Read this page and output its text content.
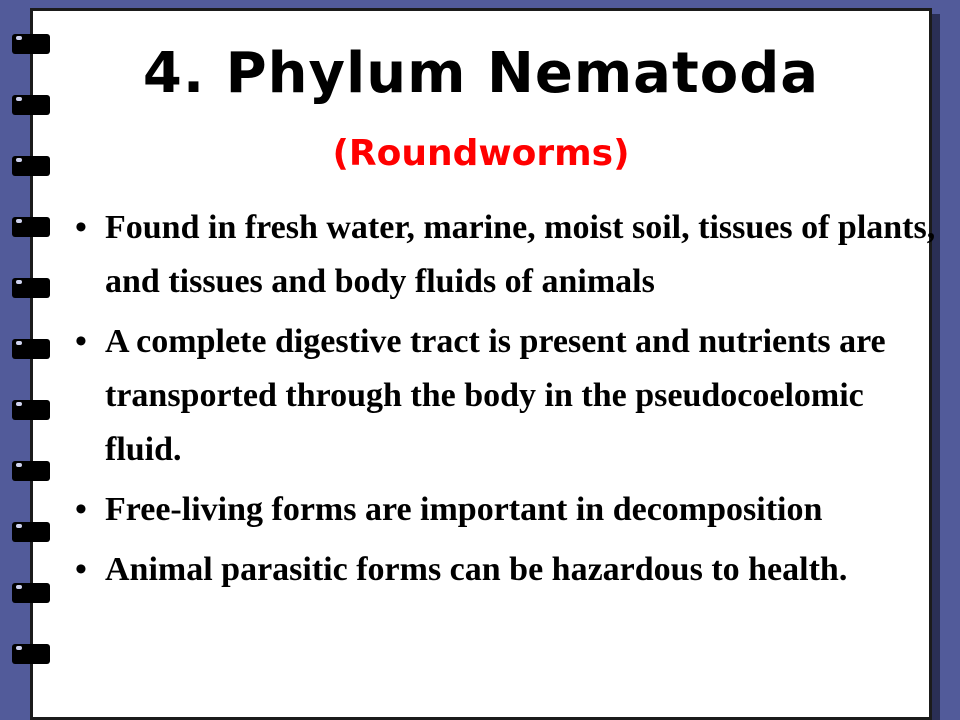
4. Phylum Nematoda
(Roundworms)
• Found in fresh water, marine, moist soil, tissues of plants, and tissues and body fluids of animals
• A complete digestive tract is present and nutrients are transported through the body in the pseudocoelomic fluid.
• Free-living forms are important in decomposition
• Animal parasitic forms can be hazardous to health.
